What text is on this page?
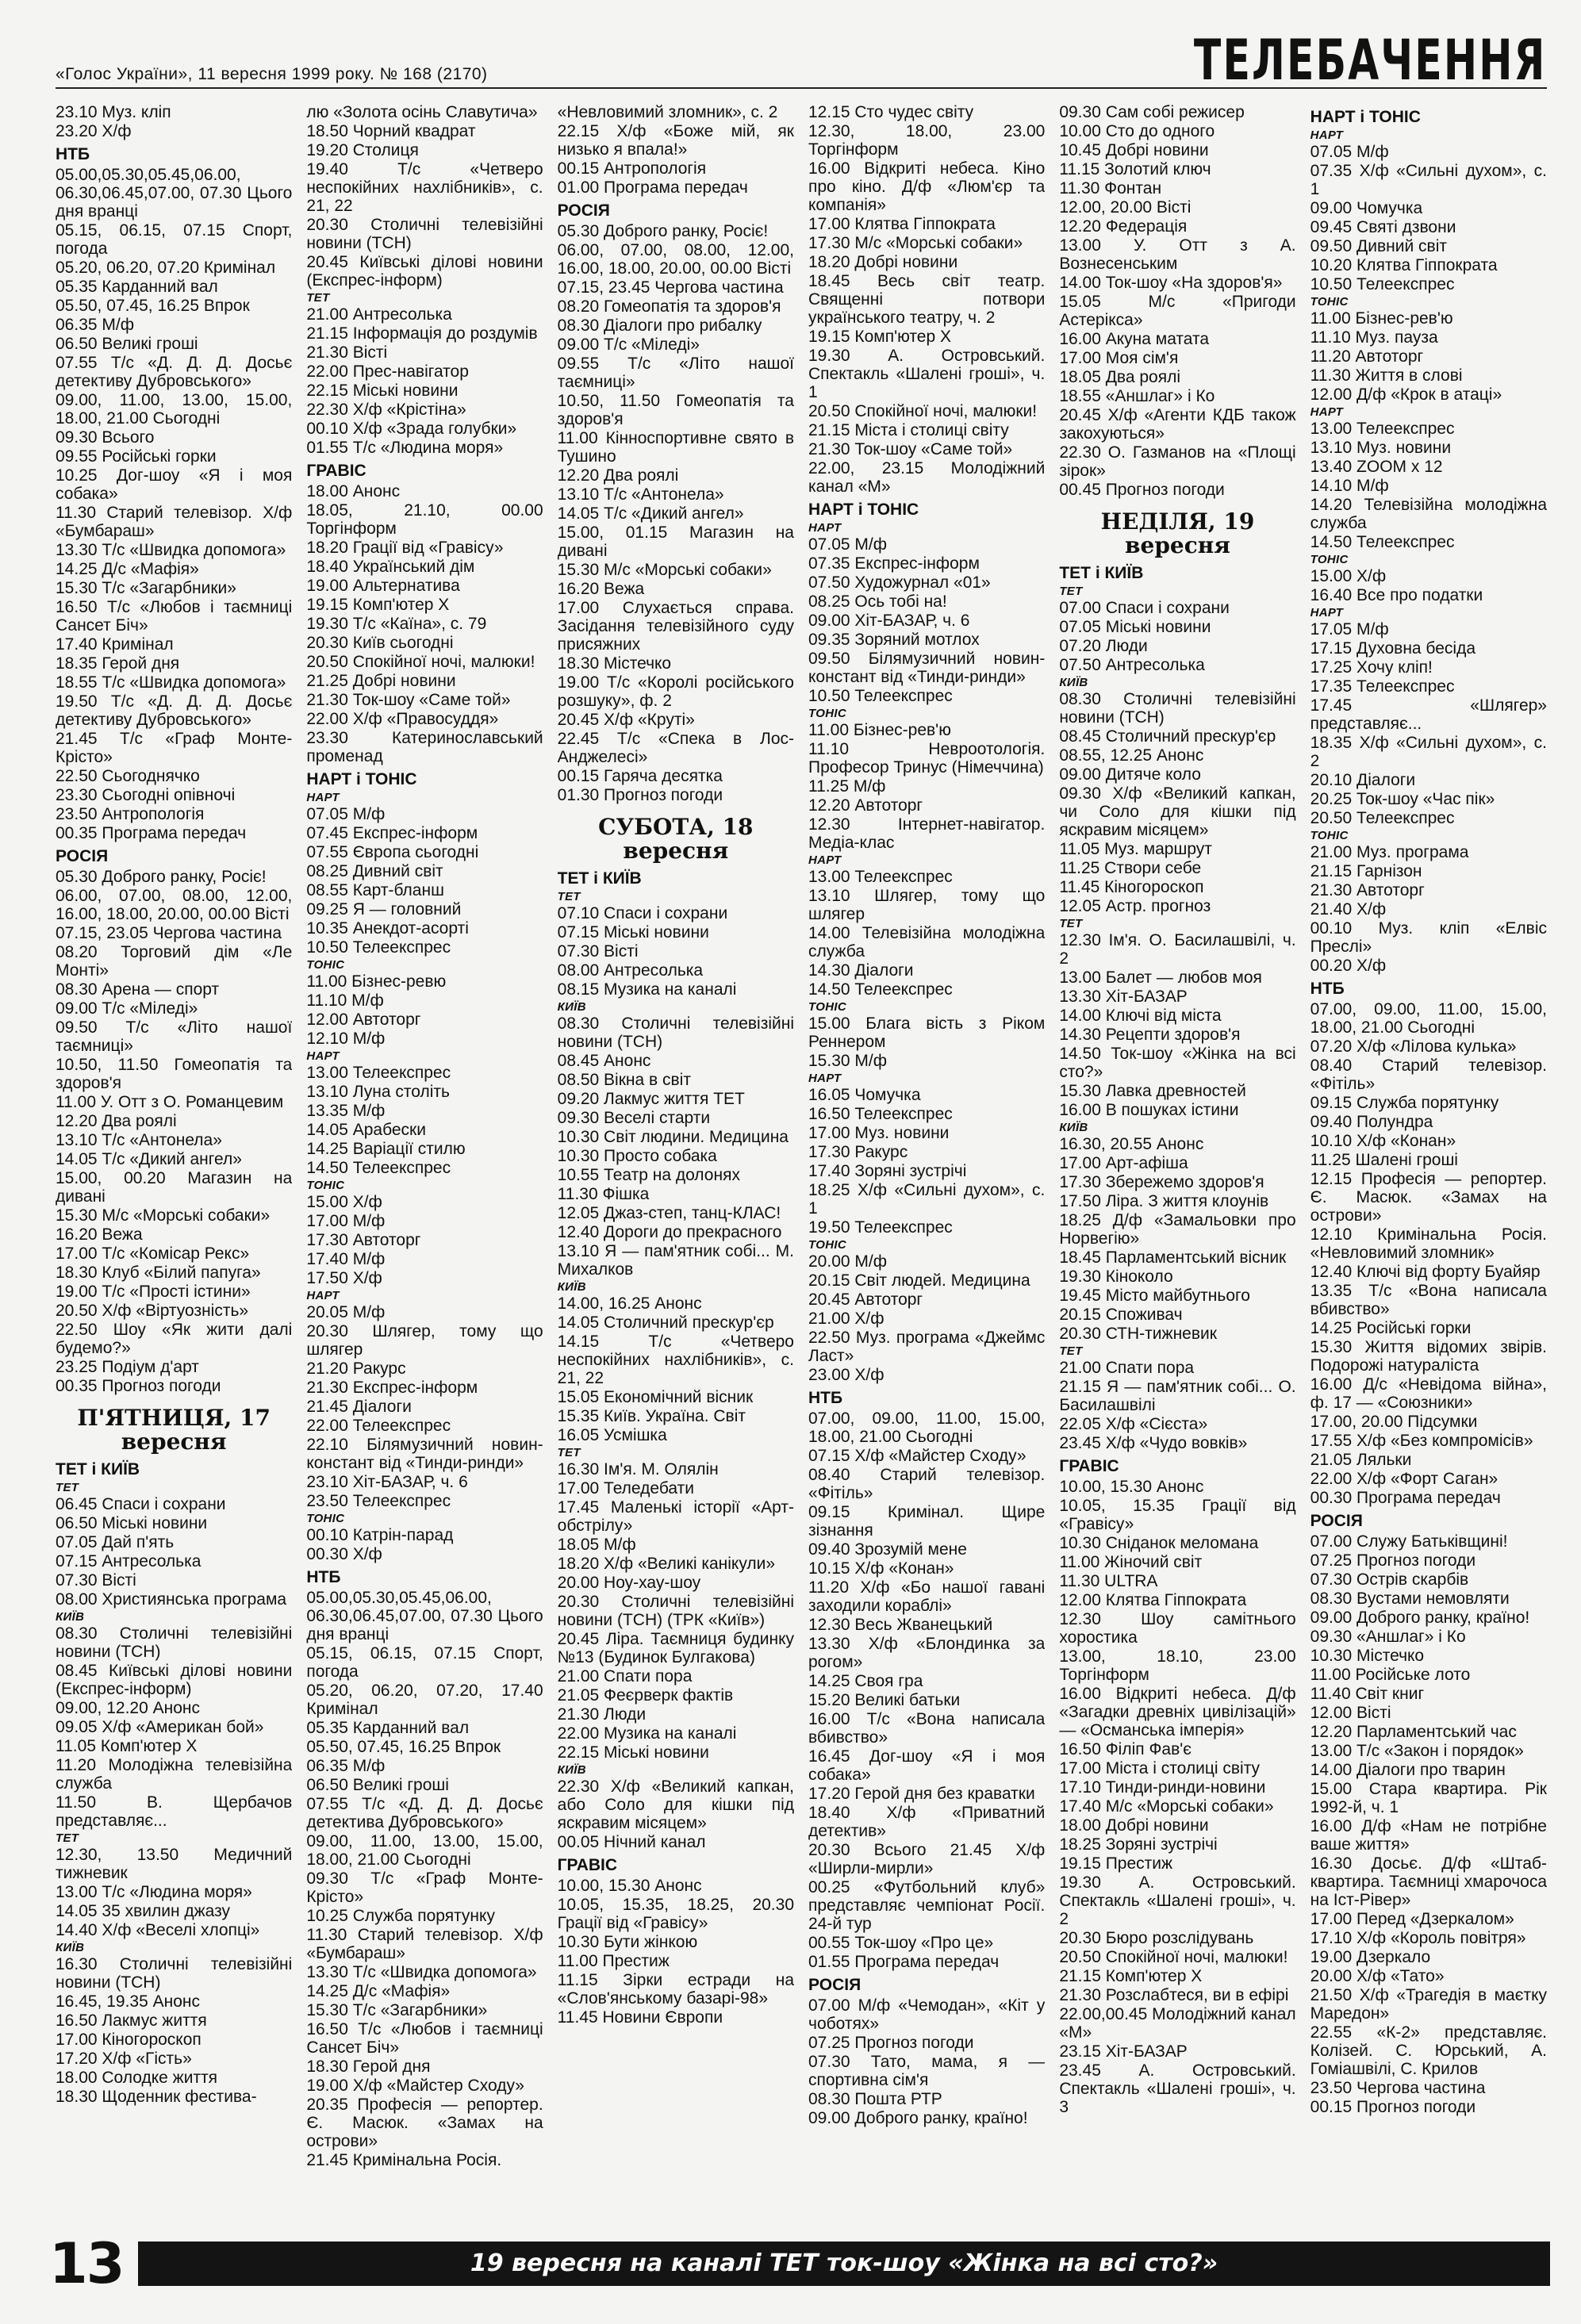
«Голос України», 11 вересня 1999 року. № 168 (2170)	ТЕЛЕБАЧЕННЯ
23.10 Муз. кліп
23.20 Х/ф
НТБ
05.00,05.30,05.45,06.00, 06.30,06.45,07.00, 07.30 Цього дня вранці
05.15, 06.15, 07.15 Спорт, погода
05.20, 06.20, 07.20 Кримінал
05.35 Карданний вал
05.50, 07.45, 16.25 Впрок
06.35 М/ф
06.50 Великі гроші
07.55 Т/с «Д. Д. Д. Досьє детективу Дубровського»
09.00, 11.00, 13.00, 15.00, 18.00, 21.00 Сьогодні
09.30 Всього
09.55 Російські горки
10.25 Дог-шоу «Я і моя собака»
11.30 Старий телевізор. Х/ф «Бумбараш»
13.30 Т/с «Швидка допомога»
14.25 Д/с «Мафія»
15.30 Т/с «Загарбники»
16.50 Т/с «Любов і таємниці Сансет Біч»
17.40 Кримінал
18.35 Герой дня
18.55 Т/с «Швидка допомога»
19.50 Т/с «Д. Д. Д. Досьє детективу Дубровського»
21.45 Т/с «Граф Монте-Крісто»
22.50 Сьогоднячко
23.30 Сьогодні опівночі
23.50 Антропологія
00.35 Програма передач
РОСІЯ
05.30 Доброго ранку, Росіє!
06.00, 07.00, 08.00, 12.00, 16.00, 18.00, 20.00, 00.00 Вісті
07.15, 23.05 Чергова частина
08.20 Торговий дім «Ле Монті»
08.30 Арена — спорт
09.00 Т/с «Міледі»
09.50 Т/с «Літо нашої таємниці»
10.50, 11.50 Гомеопатія та здоров'я
11.00 У. Отт з О. Романцевим
12.20 Два роялі
13.10 Т/с «Антонела»
14.05 Т/с «Дикий ангел»
15.00, 00.20 Магазин на дивані
15.30 М/с «Морські собаки»
16.20 Вежа
17.00 Т/с «Комісар Рекс»
18.30 Клуб «Білий папуга»
19.00 Т/с «Прості істини»
20.50 Х/ф «Віртуозність»
22.50 Шоу «Як жити далі будемо?»
23.25 Подіум д'арт
00.35 Прогноз погоди
П'ЯТНИЦЯ, 17 вересня
ТЕТ і КИЇВ
ТЕТ
06.45 Спаси і сохрани
06.50 Міські новини
07.05 Дай п'ять
07.15 Антресолька
07.30 Вісті
08.00 Християнська програма
КИЇВ
08.30 Столичні телевізійні новини (ТСН)
08.45 Київські ділові новини (Експрес-інформ)
09.00, 12.20 Анонс
09.05 Х/ф «Американ бой»
11.05 Комп'ютер Х
11.20 Молодіжна телевізійна служба
11.50 В. Щербачов представляє...
ТЕТ
12.30, 13.50 Медичний тижневик
13.00 Т/с «Людина моря»
14.05 35 хвилин джазу
14.40 Х/ф «Веселі хлопці»
КИЇВ
16.30 Столичні телевізійні новини (ТСН)
16.45, 19.35 Анонс
16.50 Лакмус життя
17.00 Кіногороскоп
17.20 Х/ф «Гість»
18.00 Солодке життя
18.30 Щоденник фестива-
лю «Золота осінь Славутича»
18.50 Чорний квадрат
19.20 Столиця
19.40 Т/с «Четверо неспокійних нахлібників», с. 21, 22
20.30 Столичні телевізійні новини (ТСН)
20.45 Київські ділові новини (Експрес-інформ)
ТЕТ
21.00 Антресолька
21.15 Інформація до роздумів
21.30 Вісті
22.00 Прес-навігатор
22.15 Міські новини
22.30 Х/ф «Крістіна»
00.10 Х/ф «Зрада голубки»
01.55 Т/с «Людина моря»
ГРАВІС
18.00 Анонс
18.05, 21.10, 00.00 Торгінформ
18.20 Грації від «Гравісу»
18.40 Український дім
19.00 Альтернатива
19.15 Комп'ютер Х
19.30 Т/с «Каїна», с. 79
20.30 Київ сьогодні
20.50 Спокійної ночі, малюки!
21.25 Добрі новини
21.30 Ток-шоу «Саме той»
22.00 Х/ф «Правосуддя»
23.30 Катеринославський променад
НАРТ і ТОНІС
НАРТ
07.05 М/ф
07.45 Експрес-інформ
07.55 Європа сьогодні
08.25 Дивний світ
08.55 Карт-бланш
09.25 Я — головний
10.35 Анекдот-асорті
10.50 Телеекспрес
ТОНІС
11.00 Бізнес-ревю
11.10 М/ф
12.00 Автоторг
12.10 М/ф
НАРТ
13.00 Телеекспрес
13.10 Луна століть
13.35 М/ф
14.05 Арабески
14.25 Варіації стилю
14.50 Телеекспрес
ТОНІС
15.00 Х/ф
17.00 М/ф
17.30 Автоторг
17.40 М/ф
17.50 Х/ф
НАРТ
20.05 М/ф
20.30 Шлягер, тому що шлягер
21.20 Ракурс
21.30 Експрес-інформ
21.45 Діалоги
22.00 Телеекспрес
22.10 Білямузичний новин-констант від «Тинди-ринди»
23.10 Хіт-БАЗАР, ч. 6
23.50 Телеекспрес
ТОНІС
00.10 Катрін-парад
00.30 Х/ф
НТБ
05.00,05.30,05.45,06.00, 06.30,06.45,07.00, 07.30 Цього дня вранці
05.15, 06.15, 07.15 Спорт, погода
05.20, 06.20, 07.20, 17.40 Кримінал
05.35 Карданний вал
05.50, 07.45, 16.25 Впрок
06.35 М/ф
06.50 Великі гроші
07.55 Т/с «Д. Д. Д. Досьє детектива Дубровського»
09.00, 11.00, 13.00, 15.00, 18.00, 21.00 Сьогодні
09.30 Т/с «Граф Монте-Крісто»
10.25 Служба порятунку
11.30 Старий телевізор. Х/ф «Бумбараш»
13.30 Т/с «Швидка допомога»
14.25 Д/с «Мафія»
15.30 Т/с «Загарбники»
16.50 Т/с «Любов і таємниці Сансет Біч»
18.30 Герой дня
19.00 Х/ф «Майстер Сходу»
20.35 Професія — репортер. Є. Масюк. «Замах на острови»
21.45 Кримінальна Росія.
«Невловимий зломник», с. 2
22.15 Х/ф «Боже мій, як низько я впала!»
00.15 Антропологія
01.00 Програма передач
РОСІЯ
05.30 Доброго ранку, Росіє!
06.00, 07.00, 08.00, 12.00, 16.00, 18.00, 20.00, 00.00 Вісті
07.15, 23.45 Чергова частина
08.20 Гомеопатія та здоров'я
08.30 Діалоги про рибалку
09.00 Т/с «Міледі»
09.55 Т/с «Літо нашої таємниці»
10.50, 11.50 Гомеопатія та здоров'я
11.00 Кінноспортивне свято в Тушино
12.20 Два роялі
13.10 Т/с «Антонела»
14.05 Т/с «Дикий ангел»
15.00, 01.15 Магазин на дивані
15.30 М/с «Морські собаки»
16.20 Вежа
17.00 Слухається справа. Засідання телевізійного суду присяжних
18.30 Містечко
19.00 Т/с «Королі російського розшуку», ф. 2
20.45 Х/ф «Круті»
22.45 Т/с «Спека в Лос-Анджелесі»
00.15 Гаряча десятка
01.30 Прогноз погоди
СУБОТА, 18 вересня
ТЕТ і КИЇВ
ТЕТ
07.10 Спаси і сохрани
07.15 Міські новини
07.30 Вісті
08.00 Антресолька
08.15 Музика на каналі
КИЇВ
08.30 Столичні телевізійні новини (ТСН)
08.45 Анонс
08.50 Вікна в світ
09.20 Лакмус життя ТЕТ
09.30 Веселі старти
10.30 Світ людини. Медицина
10.30 Просто собака
10.55 Театр на долонях
11.30 Фішка
12.05 Джаз-степ, танц-КЛАС!
12.40 Дороги до прекрасного
13.10 Я — пам'ятник собі... М. Михалков
КИЇВ
14.00, 16.25 Анонс
14.05 Столичний прескур'єр
14.15 Т/с «Четверо неспокійних нахлібників», с. 21, 22
15.05 Економічний вісник
15.35 Київ. Україна. Світ
16.05 Усмішка
ТЕТ
16.30 Ім'я. М. Олялін
17.00 Теледебати
17.45 Маленькі історії «Арт-обстрілу»
18.05 М/ф
18.20 Х/ф «Великі канікули»
20.00 Ноу-хау-шоу
20.30 Столичні телевізійні новини (ТСН) (ТРК «Київ»)
20.45 Ліра. Таємниця будинку №13 (Будинок Булгакова)
21.00 Спати пора
21.05 Феєрверк фактів
21.30 Люди
22.00 Музика на каналі
22.15 Міські новини
КИЇВ
22.30 Х/ф «Великий капкан, або Соло для кішки під яскравим місяцем»
00.05 Нічний канал
ГРАВІС
10.00, 15.30 Анонс
10.05, 15.35, 18.25, 20.30 Грації від «Гравісу»
10.30 Бути жінкою
11.00 Престиж
11.15 Зірки естради на «Слов'янському базарі-98»
11.45 Новини Європи
12.15 Сто чудес світу
12.30, 18.00, 23.00 Торгінформ
16.00 Відкриті небеса. Кіно про кіно. Д/ф «Люм'єр та компанія»
17.00 Клятва Гіппократа
17.30 М/с «Морські собаки»
18.20 Добрі новини
18.45 Весь світ театр. Священні потвори українського театру, ч. 2
19.15 Комп'ютер Х
19.30 А. Островський. Спектакль «Шалені гроші», ч. 1
20.50 Спокійної ночі, малюки!
21.15 Міста і столиці світу
21.30 Ток-шоу «Саме той»
22.00, 23.15 Молодіжний канал «М»
НАРТ і ТОНІС
НАРТ
07.05 М/ф
07.35 Експрес-інформ
07.50 Художурнал «01»
08.25 Ось тобі на!
09.00 Хіт-БАЗАР, ч. 6
09.35 Зоряний мотлох
09.50 Білямузичний новин-констант від «Тинди-ринди»
10.50 Телеекспрес
ТОНІС
11.00 Бізнес-рев'ю
11.10 Невроотологія. Професор Тринус (Німеччина)
11.25 М/ф
12.20 Автоторг
12.30 Інтернет-навігатор. Медіа-клас
НАРТ
13.00 Телеекспрес
13.10 Шлягер, тому що шлягер
14.00 Телевізійна молодіжна служба
14.30 Діалоги
14.50 Телеекспрес
ТОНІС
15.00 Блага вість з Ріком Реннером
15.30 М/ф
НАРТ
16.05 Чомучка
16.50 Телеекспрес
17.00 Муз. новини
17.30 Ракурс
17.40 Зоряні зустрічі
18.25 Х/ф «Сильні духом», с. 1
19.50 Телеекспрес
ТОНІС
20.00 М/ф
20.15 Світ людей. Медицина
20.45 Автоторг
21.00 Х/ф
22.50 Муз. програма «Джеймс Ласт»
23.00 Х/ф
НТБ
07.00, 09.00, 11.00, 15.00, 18.00, 21.00 Сьогодні
07.15 Х/ф «Майстер Сходу»
08.40 Старий телевізор. «Фітіль»
09.15 Кримінал. Щире зізнання
09.40 Зрозумій мене
10.15 Х/ф «Конан»
11.20 Х/ф «Бо нашої гавані заходили кораблі»
12.30 Весь Жванецький
13.30 Х/ф «Блондинка за рогом»
14.25 Своя гра
15.20 Великі батьки
16.00 Т/с «Вона написала вбивство»
16.45 Дог-шоу «Я і моя собака»
17.20 Герой дня без краватки
18.40 Х/ф «Приватний детектив»
20.30 Всього 21.45 Х/ф «Ширли-мирли»
00.25 «Футбольний клуб» представляє чемпіонат Росії. 24-й тур
00.55 Ток-шоу «Про це»
01.55 Програма передач
РОСІЯ
07.00 М/ф «Чемодан», «Кіт у чоботях»
07.25 Прогноз погоди
07.30 Тато, мама, я — спортивна сім'я
08.30 Пошта РТР
09.00 Доброго ранку, країно!
09.30 Сам собі режисер
10.00 Сто до одного
10.45 Добрі новини
11.15 Золотий ключ
11.30 Фонтан
12.00, 20.00 Вісті
12.20 Федерація
13.00 У. Отт з А. Вознесенським
14.00 Ток-шоу «На здоров'я»
15.05 М/с «Пригоди Астерікса»
16.00 Акуна матата
17.00 Моя сім'я
18.05 Два роялі
18.55 «Аншлаг» і Ко
20.45 Х/ф «Агенти КДБ також закохуються»
22.30 О. Газманов на «Площі зірок»
00.45 Прогноз погоди
НЕДІЛЯ, 19 вересня
ТЕТ і КИЇВ
ТЕТ
07.00 Спаси і сохрани
07.05 Міські новини
07.20 Люди
07.50 Антресолька
КИЇВ
08.30 Столичні телевізійні новини (ТСН)
08.45 Столичний прескур'єр
08.55, 12.25 Анонс
09.00 Дитяче коло
09.30 Х/ф «Великий капкан, чи Соло для кішки під яскравим місяцем»
11.05 Муз. маршрут
11.25 Створи себе
11.45 Кіногороскоп
12.05 Астр. прогноз
ТЕТ
12.30 Ім'я. О. Басилашвілі, ч. 2
13.00 Балет — любов моя
13.30 Хіт-БАЗАР
14.00 Ключі від міста
14.30 Рецепти здоров'я
14.50 Ток-шоу «Жінка на всі сто?»
15.30 Лавка древностей
16.00 В пошуках істини
КИЇВ
16.30, 20.55 Анонс
17.00 Арт-афіша
17.30 Збережемо здоров'я
17.50 Ліра. З життя клоунів
18.25 Д/ф «Замальовки про Норвегію»
18.45 Парламентський вісник
19.30 Кіноколо
19.45 Місто майбутнього
20.15 Споживач
20.30 СТН-тижневик
ТЕТ
21.00 Спати пора
21.15 Я — пам'ятник собі... О. Басилашвілі
22.05 Х/ф «Сієста»
23.45 Х/ф «Чудо вовків»
ГРАВІС
10.00, 15.30 Анонс
10.05, 15.35 Грації від «Гравісу»
10.30 Сніданок меломана
11.00 Жіночий світ
11.30 ULTRA
12.00 Клятва Гіппократа
12.30 Шоу самітнього хоростика
13.00, 18.10, 23.00 Торгінформ
16.00 Відкриті небеса. Д/ф «Загадки древніх цивілізацій» — «Османська імперія»
16.50 Філіп Фав'є
17.00 Міста і столиці світу
17.10 Тинди-ринди-новини
17.40 М/с «Морські собаки»
18.00 Добрі новини
18.25 Зоряні зустрічі
19.15 Престиж
19.30 А. Островський. Спектакль «Шалені гроші», ч. 2
20.30 Бюро розслідувань
20.50 Спокійної ночі, малюки!
21.15 Комп'ютер Х
21.30 Розслабтеся, ви в ефірі
22.00,00.45 Молодіжний канал «М»
23.15 Хіт-БАЗАР
23.45 А. Островський. Спектакль «Шалені гроші», ч. 3
НАРТ і ТОНІС
НАРТ
07.05 М/ф
07.35 Х/ф «Сильні духом», с. 1
09.00 Чомучка
09.45 Святі дзвони
09.50 Дивний світ
10.20 Клятва Гіппократа
10.50 Телеекспрес
ТОНІС
11.00 Бізнес-рев'ю
11.10 Муз. пауза
11.20 Автоторг
11.30 Життя в слові
12.00 Д/ф «Крок в атаці»
НАРТ
13.00 Телеекспрес
13.10 Муз. новини
13.40 ZOOM x 12
14.10 М/ф
14.20 Телевізійна молодіжна служба
14.50 Телеекспрес
ТОНІС
15.00 Х/ф
16.40 Все про податки
НАРТ
17.05 М/ф
17.15 Духовна бесіда
17.25 Хочу кліп!
17.35 Телеекспрес
17.45 «Шлягер» представляє...
18.35 Х/ф «Сильні духом», с. 2
20.10 Діалоги
20.25 Ток-шоу «Час пік»
20.50 Телеекспрес
ТОНІС
21.00 Муз. програма
21.15 Гарнізон
21.30 Автоторг
21.40 Х/ф
00.10 Муз. кліп «Елвіс Преслі»
00.20 Х/ф
НТБ
07.00, 09.00, 11.00, 15.00, 18.00, 21.00 Сьогодні
07.20 Х/ф «Лілова кулька»
08.40 Старий телевізор. «Фітіль»
09.15 Служба порятунку
09.40 Полундра
10.10 Х/ф «Конан»
11.25 Шалені гроші
12.15 Професія — репортер. Є. Масюк. «Замах на острови»
12.10 Кримінальна Росія. «Невловимий зломник»
12.40 Ключі від форту Буайяр
13.35 Т/с «Вона написала вбивство»
14.25 Російські горки
15.30 Життя відомих звірів. Подорожі натураліста
16.00 Д/с «Невідома війна», ф. 17 — «Союзники»
17.00, 20.00 Підсумки
17.55 Х/ф «Без компромісів»
21.05 Ляльки
22.00 Х/ф «Форт Саган»
00.30 Програма передач
РОСІЯ
07.00 Служу Батьківщині!
07.25 Прогноз погоди
07.30 Острів скарбів
08.30 Вустами немовляти
09.00 Доброго ранку, країно!
09.30 «Аншлаг» і Ко
10.30 Містечко
11.00 Російське лото
11.40 Світ книг
12.00 Вісті
12.20 Парламентський час
13.00 Т/с «Закон і порядок»
14.00 Діалоги про тварин
15.00 Стара квартира. Рік 1992-й, ч. 1
16.00 Д/ф «Нам не потрібне ваше життя»
16.30 Досьє. Д/ф «Штаб-квартира. Таємниці хмарочоса на Іст-Рівер»
17.00 Перед «Дзеркалом»
17.10 Х/ф «Король повітря»
19.00 Дзеркало
20.00 Х/ф «Тато»
21.50 Х/ф «Трагедія в маєтку Маредон»
22.55 «К-2» представляє. Колізей. С. Юрський, А. Гоміашвілі, С. Крилов
23.50 Чергова частина
00.15 Прогноз погоди
13	19 вересня на каналі ТЕТ ток-шоу «Жінка на всі сто?»
